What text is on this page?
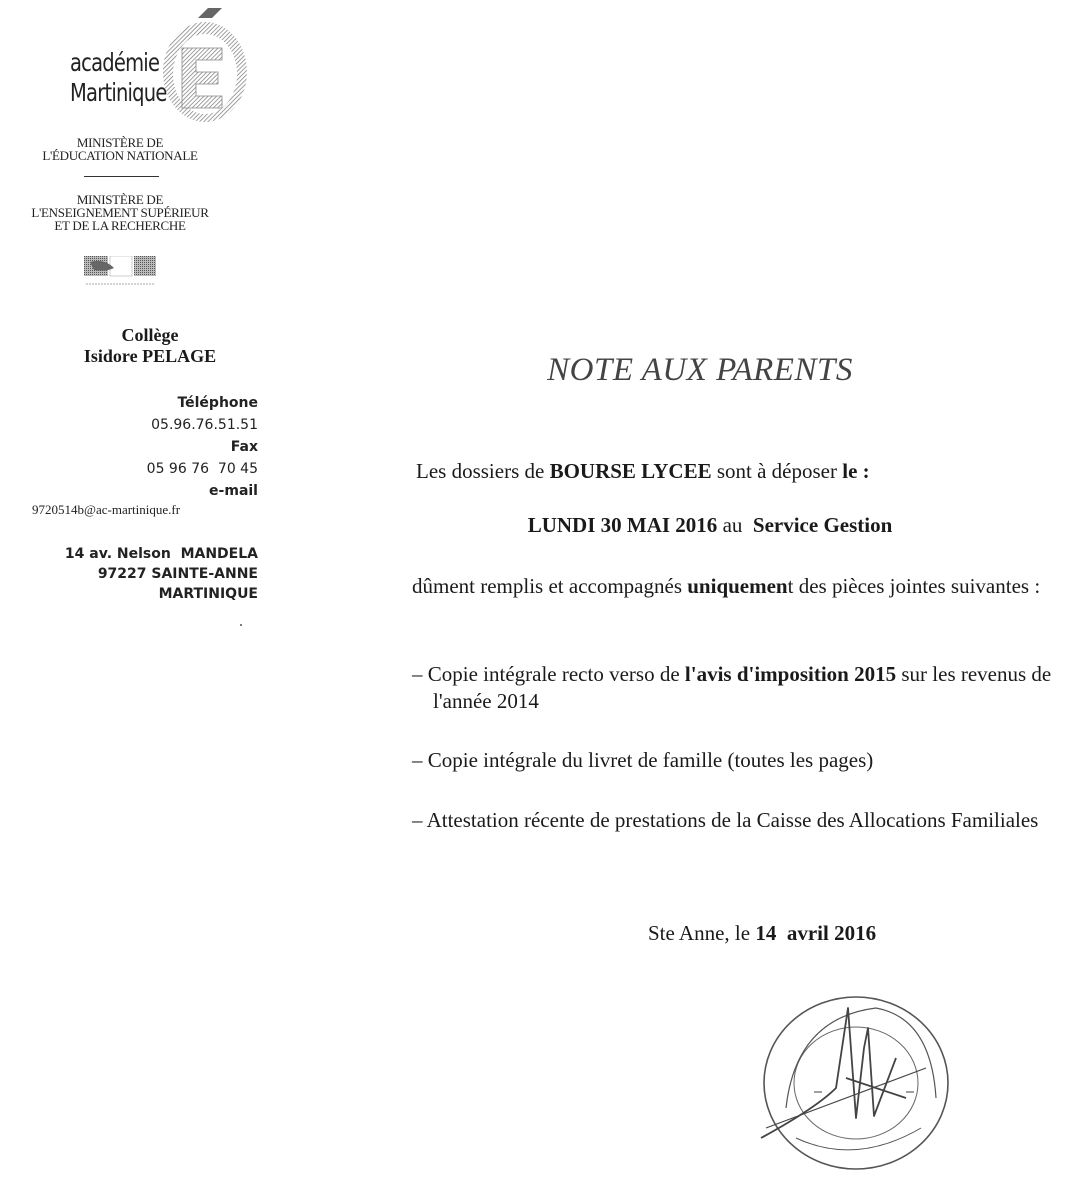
académie
Martinique
MINISTÈRE DE
L'ÉDUCATION NATIONALE
MINISTÈRE DE
L'ENSEIGNEMENT SUPÉRIEUR
ET DE LA RECHERCHE
Collège
Isidore PELAGE
Téléphone
05.96.76.51.51
Fax
05 96 76  70 45
e-mail
9720514b@ac-martinique.fr
14 av. Nelson  MANDELA
97227 SAINTE-ANNE
MARTINIQUE
NOTE AUX PARENTS
Les dossiers de BOURSE LYCEE sont à déposer le :
LUNDI 30 MAI 2016 au  Service Gestion
dûment remplis et accompagnés uniquement des pièces jointes suivantes :
– Copie intégrale recto verso de l'avis d'imposition 2015 sur les revenus de l'année 2014
– Copie intégrale du livret de famille (toutes les pages)
– Attestation récente de prestations de la Caisse des Allocations Familiales
Ste Anne, le 14  avril 2016
